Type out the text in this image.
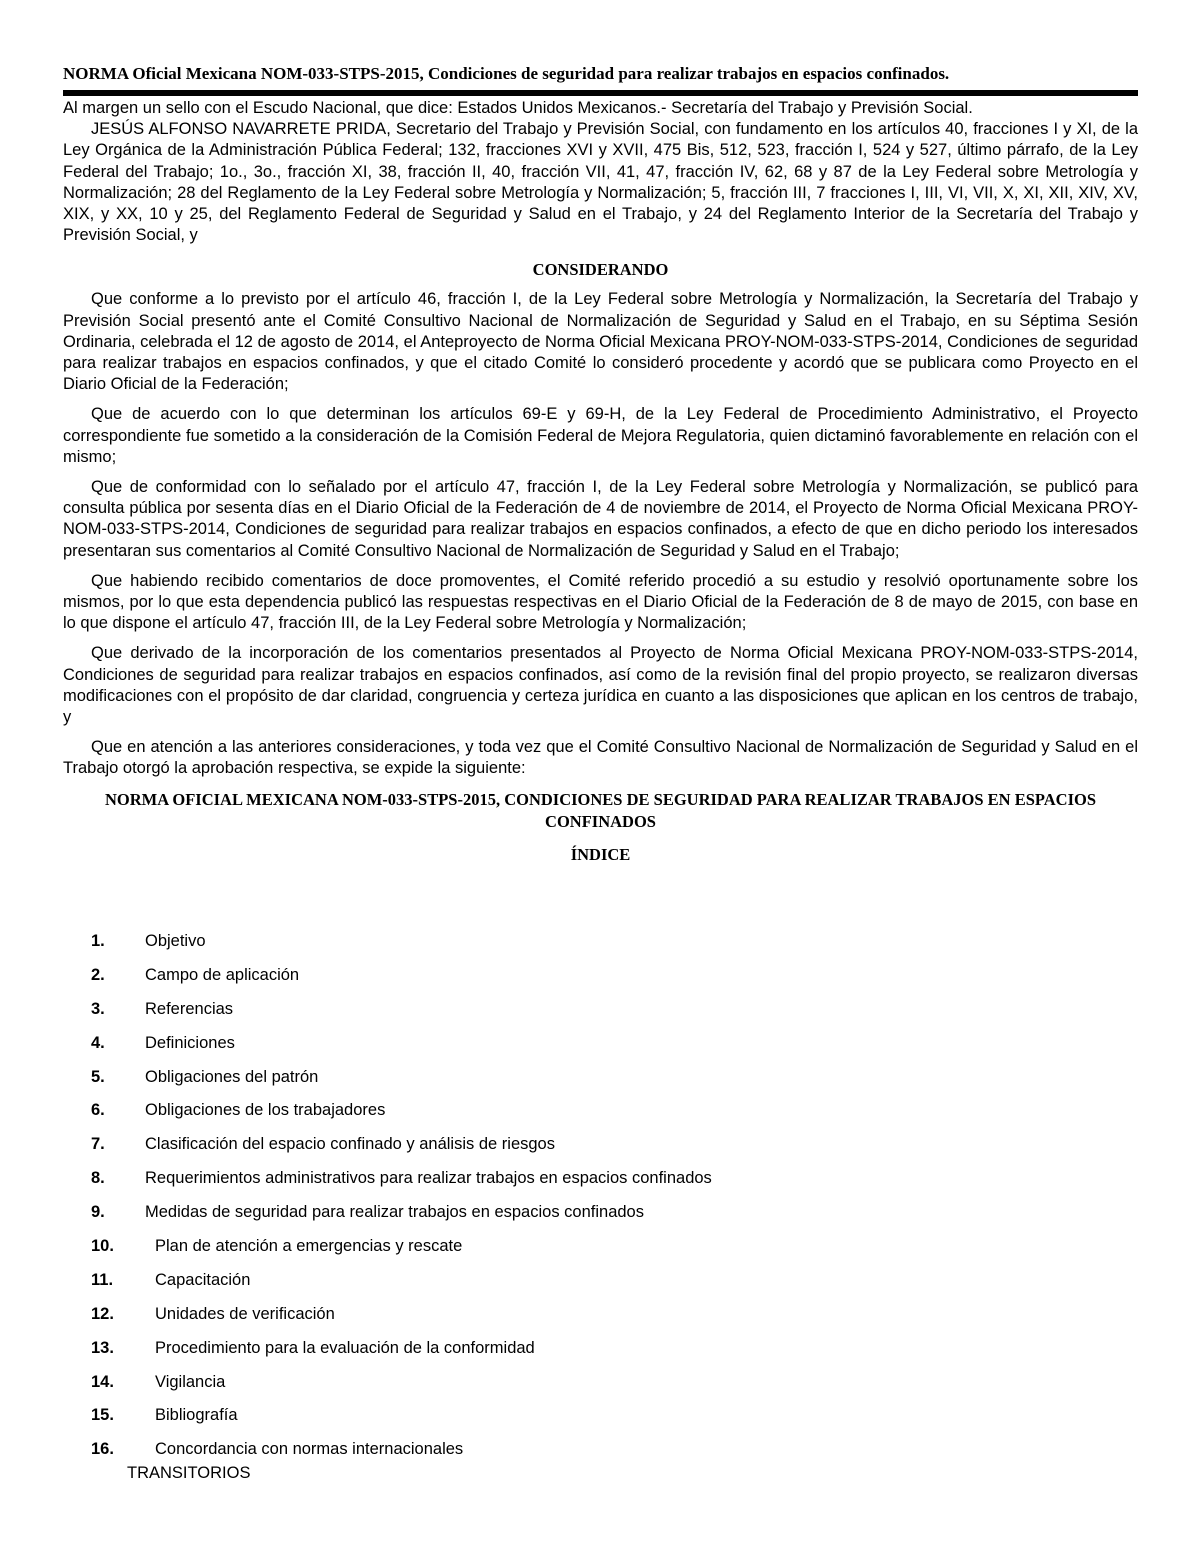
NORMA Oficial Mexicana NOM-033-STPS-2015, Condiciones de seguridad para realizar trabajos en espacios confinados.

Al margen un sello con el Escudo Nacional, que dice: Estados Unidos Mexicanos.- Secretaría del Trabajo y Previsión Social.

JESÚS ALFONSO NAVARRETE PRIDA, Secretario del Trabajo y Previsión Social, con fundamento en los artículos 40, fracciones I y XI, de la Ley Orgánica de la Administración Pública Federal; 132, fracciones XVI y XVII, 475 Bis, 512, 523, fracción I, 524 y 527, último párrafo, de la Ley Federal del Trabajo; 1o., 3o., fracción XI, 38, fracción II, 40, fracción VII, 41, 47, fracción IV, 62, 68 y 87 de la Ley Federal sobre Metrología y Normalización; 28 del Reglamento de la Ley Federal sobre Metrología y Normalización; 5, fracción III, 7 fracciones I, III, VI, VII, X, XI, XII, XIV, XV, XIX, y XX, 10 y 25, del Reglamento Federal de Seguridad y Salud en el Trabajo, y 24 del Reglamento Interior de la Secretaría del Trabajo y Previsión Social, y

CONSIDERANDO

Que conforme a lo previsto por el artículo 46, fracción I, de la Ley Federal sobre Metrología y Normalización, la Secretaría del Trabajo y Previsión Social presentó ante el Comité Consultivo Nacional de Normalización de Seguridad y Salud en el Trabajo, en su Séptima Sesión Ordinaria, celebrada el 12 de agosto de 2014, el Anteproyecto de Norma Oficial Mexicana PROY-NOM-033-STPS-2014, Condiciones de seguridad para realizar trabajos en espacios confinados, y que el citado Comité lo consideró procedente y acordó que se publicara como Proyecto en el Diario Oficial de la Federación;

Que de acuerdo con lo que determinan los artículos 69-E y 69-H, de la Ley Federal de Procedimiento Administrativo, el Proyecto correspondiente fue sometido a la consideración de la Comisión Federal de Mejora Regulatoria, quien dictaminó favorablemente en relación con el mismo;

Que de conformidad con lo señalado por el artículo 47, fracción I, de la Ley Federal sobre Metrología y Normalización, se publicó para consulta pública por sesenta días en el Diario Oficial de la Federación de 4 de noviembre de 2014, el Proyecto de Norma Oficial Mexicana PROY-NOM-033-STPS-2014, Condiciones de seguridad para realizar trabajos en espacios confinados, a efecto de que en dicho periodo los interesados presentaran sus comentarios al Comité Consultivo Nacional de Normalización de Seguridad y Salud en el Trabajo;

Que habiendo recibido comentarios de doce promoventes, el Comité referido procedió a su estudio y resolvió oportunamente sobre los mismos, por lo que esta dependencia publicó las respuestas respectivas en el Diario Oficial de la Federación de 8 de mayo de 2015, con base en lo que dispone el artículo 47, fracción III, de la Ley Federal sobre Metrología y Normalización;

Que derivado de la incorporación de los comentarios presentados al Proyecto de Norma Oficial Mexicana PROY-NOM-033-STPS-2014, Condiciones de seguridad para realizar trabajos en espacios confinados, así como de la revisión final del propio proyecto, se realizaron diversas modificaciones con el propósito de dar claridad, congruencia y certeza jurídica en cuanto a las disposiciones que aplican en los centros de trabajo, y

Que en atención a las anteriores consideraciones, y toda vez que el Comité Consultivo Nacional de Normalización de Seguridad y Salud en el Trabajo otorgó la aprobación respectiva, se expide la siguiente:

NORMA OFICIAL MEXICANA NOM-033-STPS-2015, CONDICIONES DE SEGURIDAD PARA REALIZAR TRABAJOS EN ESPACIOS CONFINADOS

ÍNDICE

1.	Objetivo
2.	Campo de aplicación
3.	Referencias
4.	Definiciones
5.	Obligaciones del patrón
6.	Obligaciones de los trabajadores
7.	Clasificación del espacio confinado y análisis de riesgos
8.	Requerimientos administrativos para realizar trabajos en espacios confinados
9.	Medidas de seguridad para realizar trabajos en espacios confinados
10.	Plan de atención a emergencias y rescate
11.	Capacitación
12.	Unidades de verificación
13.	Procedimiento para la evaluación de la conformidad
14.	Vigilancia
15.	Bibliografía
16.	Concordancia con normas internacionales
TRANSITORIOS
